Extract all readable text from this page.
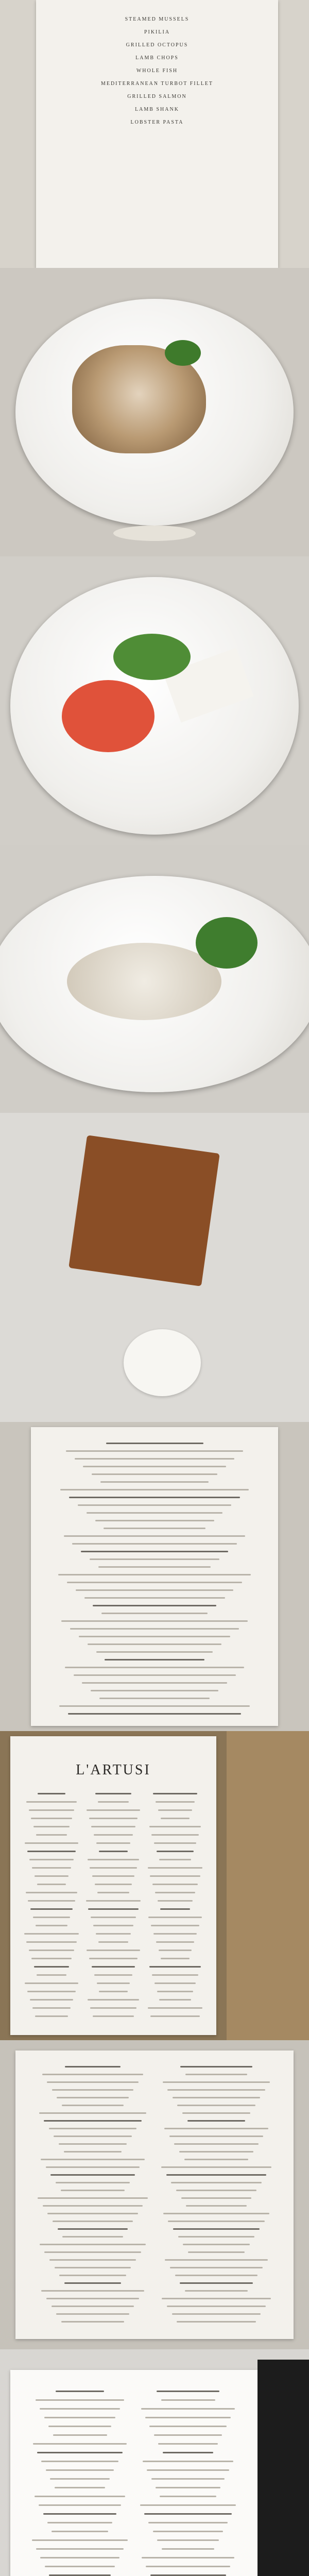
STEAMED MUSSELS
PIKILIA
GRILLED OCTOPUS
LAMB CHOPS
WHOLE FISH
MEDITERRANEAN TURBOT FILLET
GRILLED SALMON
LAMB SHANK
LOBSTER PASTA
L'ARTUSI
